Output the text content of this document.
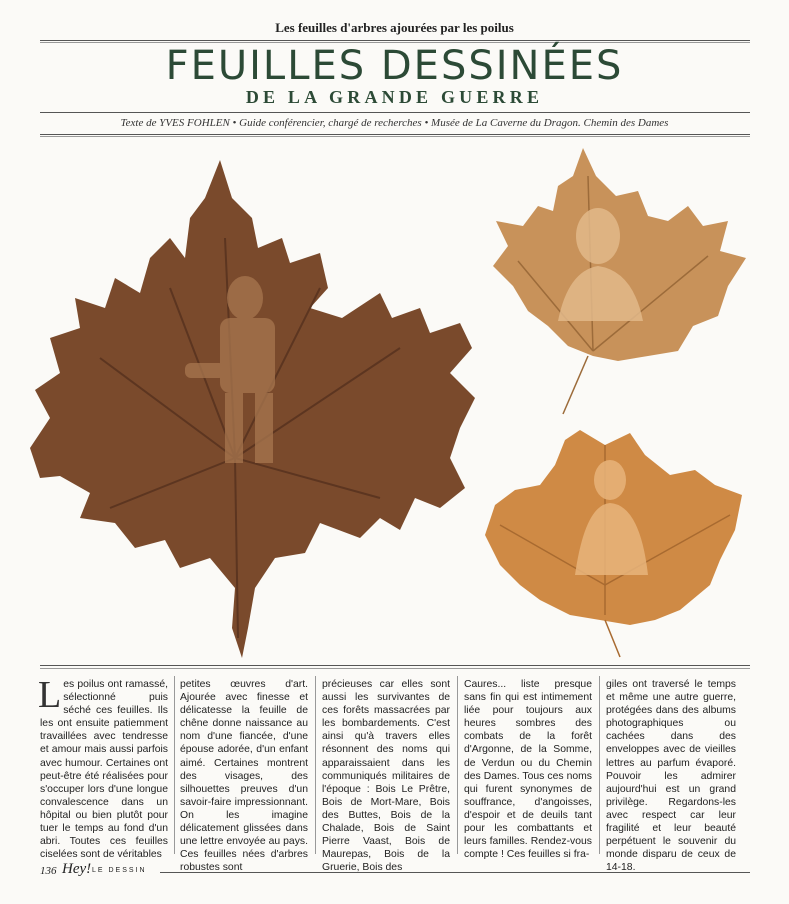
Les feuilles d'arbres ajourées par les poilus
FEUILLES DESSINÉES
DE LA GRANDE GUERRE
Texte de YVES FOHLEN • Guide conférencier, chargé de recherches • Musée de La Caverne du Dragon. Chemin des Dames
Les poilus ont ramassé, sélectionné puis séché ces feuilles. Ils les ont ensuite patiemment travaillées avec tendresse et amour mais aussi parfois avec humour. Certaines ont peut-être été réalisées pour s'occuper lors d'une longue convalescence dans un hôpital ou bien plutôt pour tuer le temps au fond d'un abri. Toutes ces feuilles ciselées sont de véritables
petites œuvres d'art. Ajourée avec finesse et délicatesse la feuille de chêne donne naissance au nom d'une fiancée, d'une épouse adorée, d'un enfant aimé. Certaines montrent des visages, des silhouettes preuves d'un savoir-faire impressionnant. On les imagine délicatement glissées dans une lettre envoyée au pays. Ces feuilles nées d'arbres robustes sont
précieuses car elles sont aussi les survivantes de ces forêts massacrées par les bombardements. C'est ainsi qu'à travers elles résonnent des noms qui apparaissaient dans les communiqués militaires de l'époque : Bois Le Prêtre, Bois de Mort-Mare, Bois des Buttes, Bois de la Chalade, Bois de Saint Pierre Vaast, Bois de Maurepas, Bois de la Gruerie, Bois des
Caures... liste presque sans fin qui est intimement liée pour toujours aux heures sombres des combats de la forêt d'Argonne, de la Somme, de Verdun ou du Chemin des Dames. Tous ces noms qui furent synonymes de souffrance, d'angoisses, d'espoir et de deuils tant pour les combattants et leurs familles. Rendez-vous compte ! Ces feuilles si fra-
giles ont traversé le temps et même une autre guerre, protégées dans des albums photographiques ou cachées dans des enveloppes avec de vieilles lettres au parfum évaporé. Pouvoir les admirer aujourd'hui est un grand privilège. Regardons-les avec respect car leur fragilité et leur beauté perpétuent le souvenir du monde disparu de ceux de 14-18.
136 Hey! LE DESSIN
